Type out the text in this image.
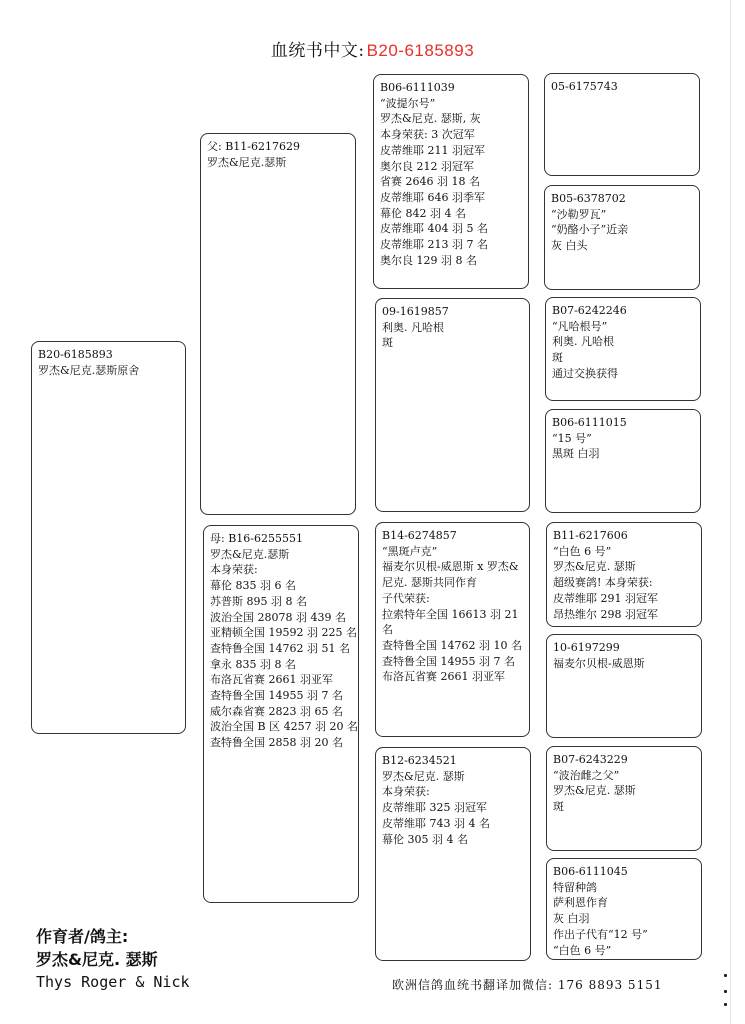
血统书中文: B20-6185893
B20-6185893
罗杰&尼克.瑟斯原舍
父: B11-6217629
罗杰&尼克.瑟斯
母: B16-6255551
罗杰&尼克.瑟斯
本身荣获:
幕伦 835 羽 6 名
苏普斯 895 羽 8 名
波治全国 28078 羽 439 名
亚精顿全国 19592 羽 225 名
查特鲁全国 14762 羽 51 名
拿永 835 羽 8 名
布洛瓦省赛 2661 羽亚军
查特鲁全国 14955 羽 7 名
威尔森省赛 2823 羽 65 名
波治全国 B 区 4257 羽 20 名
查特鲁全国 2858 羽 20 名
B06-6111039
“波提尔号”
罗杰&尼克. 瑟斯, 灰
本身荣获: 3 次冠军
皮蒂维耶 211 羽冠军
奥尔良 212 羽冠军
省赛 2646 羽 18 名
皮蒂维耶 646 羽季军
幕伦 842 羽 4 名
皮蒂维耶 404 羽 5 名
皮蒂维耶 213 羽 7 名
奥尔良 129 羽 8 名
09-1619857
利奥. 凡哈根
斑
B14-6274857
“黑斑卢克”
福麦尔贝根-威恩斯 x 罗杰&
尼克. 瑟斯共同作育
子代荣获:
拉索特年全国 16613 羽 21
名
查特鲁全国 14762 羽 10 名
查特鲁全国 14955 羽 7 名
布洛瓦省赛 2661 羽亚军
B12-6234521
罗杰&尼克. 瑟斯
本身荣获:
皮蒂维耶 325 羽冠军
皮蒂维耶 743 羽 4 名
幕伦 305 羽 4 名
05-6175743
B05-6378702
“沙勒罗瓦”
“奶酪小子”近亲
灰 白头
B07-6242246
“凡哈根号”
利奥. 凡哈根
斑
通过交换获得
B06-6111015
“15 号”
黑斑 白羽
B11-6217606
“白色 6 号”
罗杰&尼克. 瑟斯
超级赛鸽! 本身荣获:
皮蒂维耶 291 羽冠军
昂热维尔 298 羽冠军
10-6197299
福麦尔贝根-威恩斯
B07-6243229
“波治雌之父”
罗杰&尼克. 瑟斯
斑
B06-6111045
特留种鸽
萨利恩作育
灰 白羽
作出子代有“12 号”
“白色 6 号”
作育者/鸽主:
罗杰&尼克. 瑟斯
Thys Roger & Nick	欧洲信鸽血统书翻译加微信: 176 8893 5151
